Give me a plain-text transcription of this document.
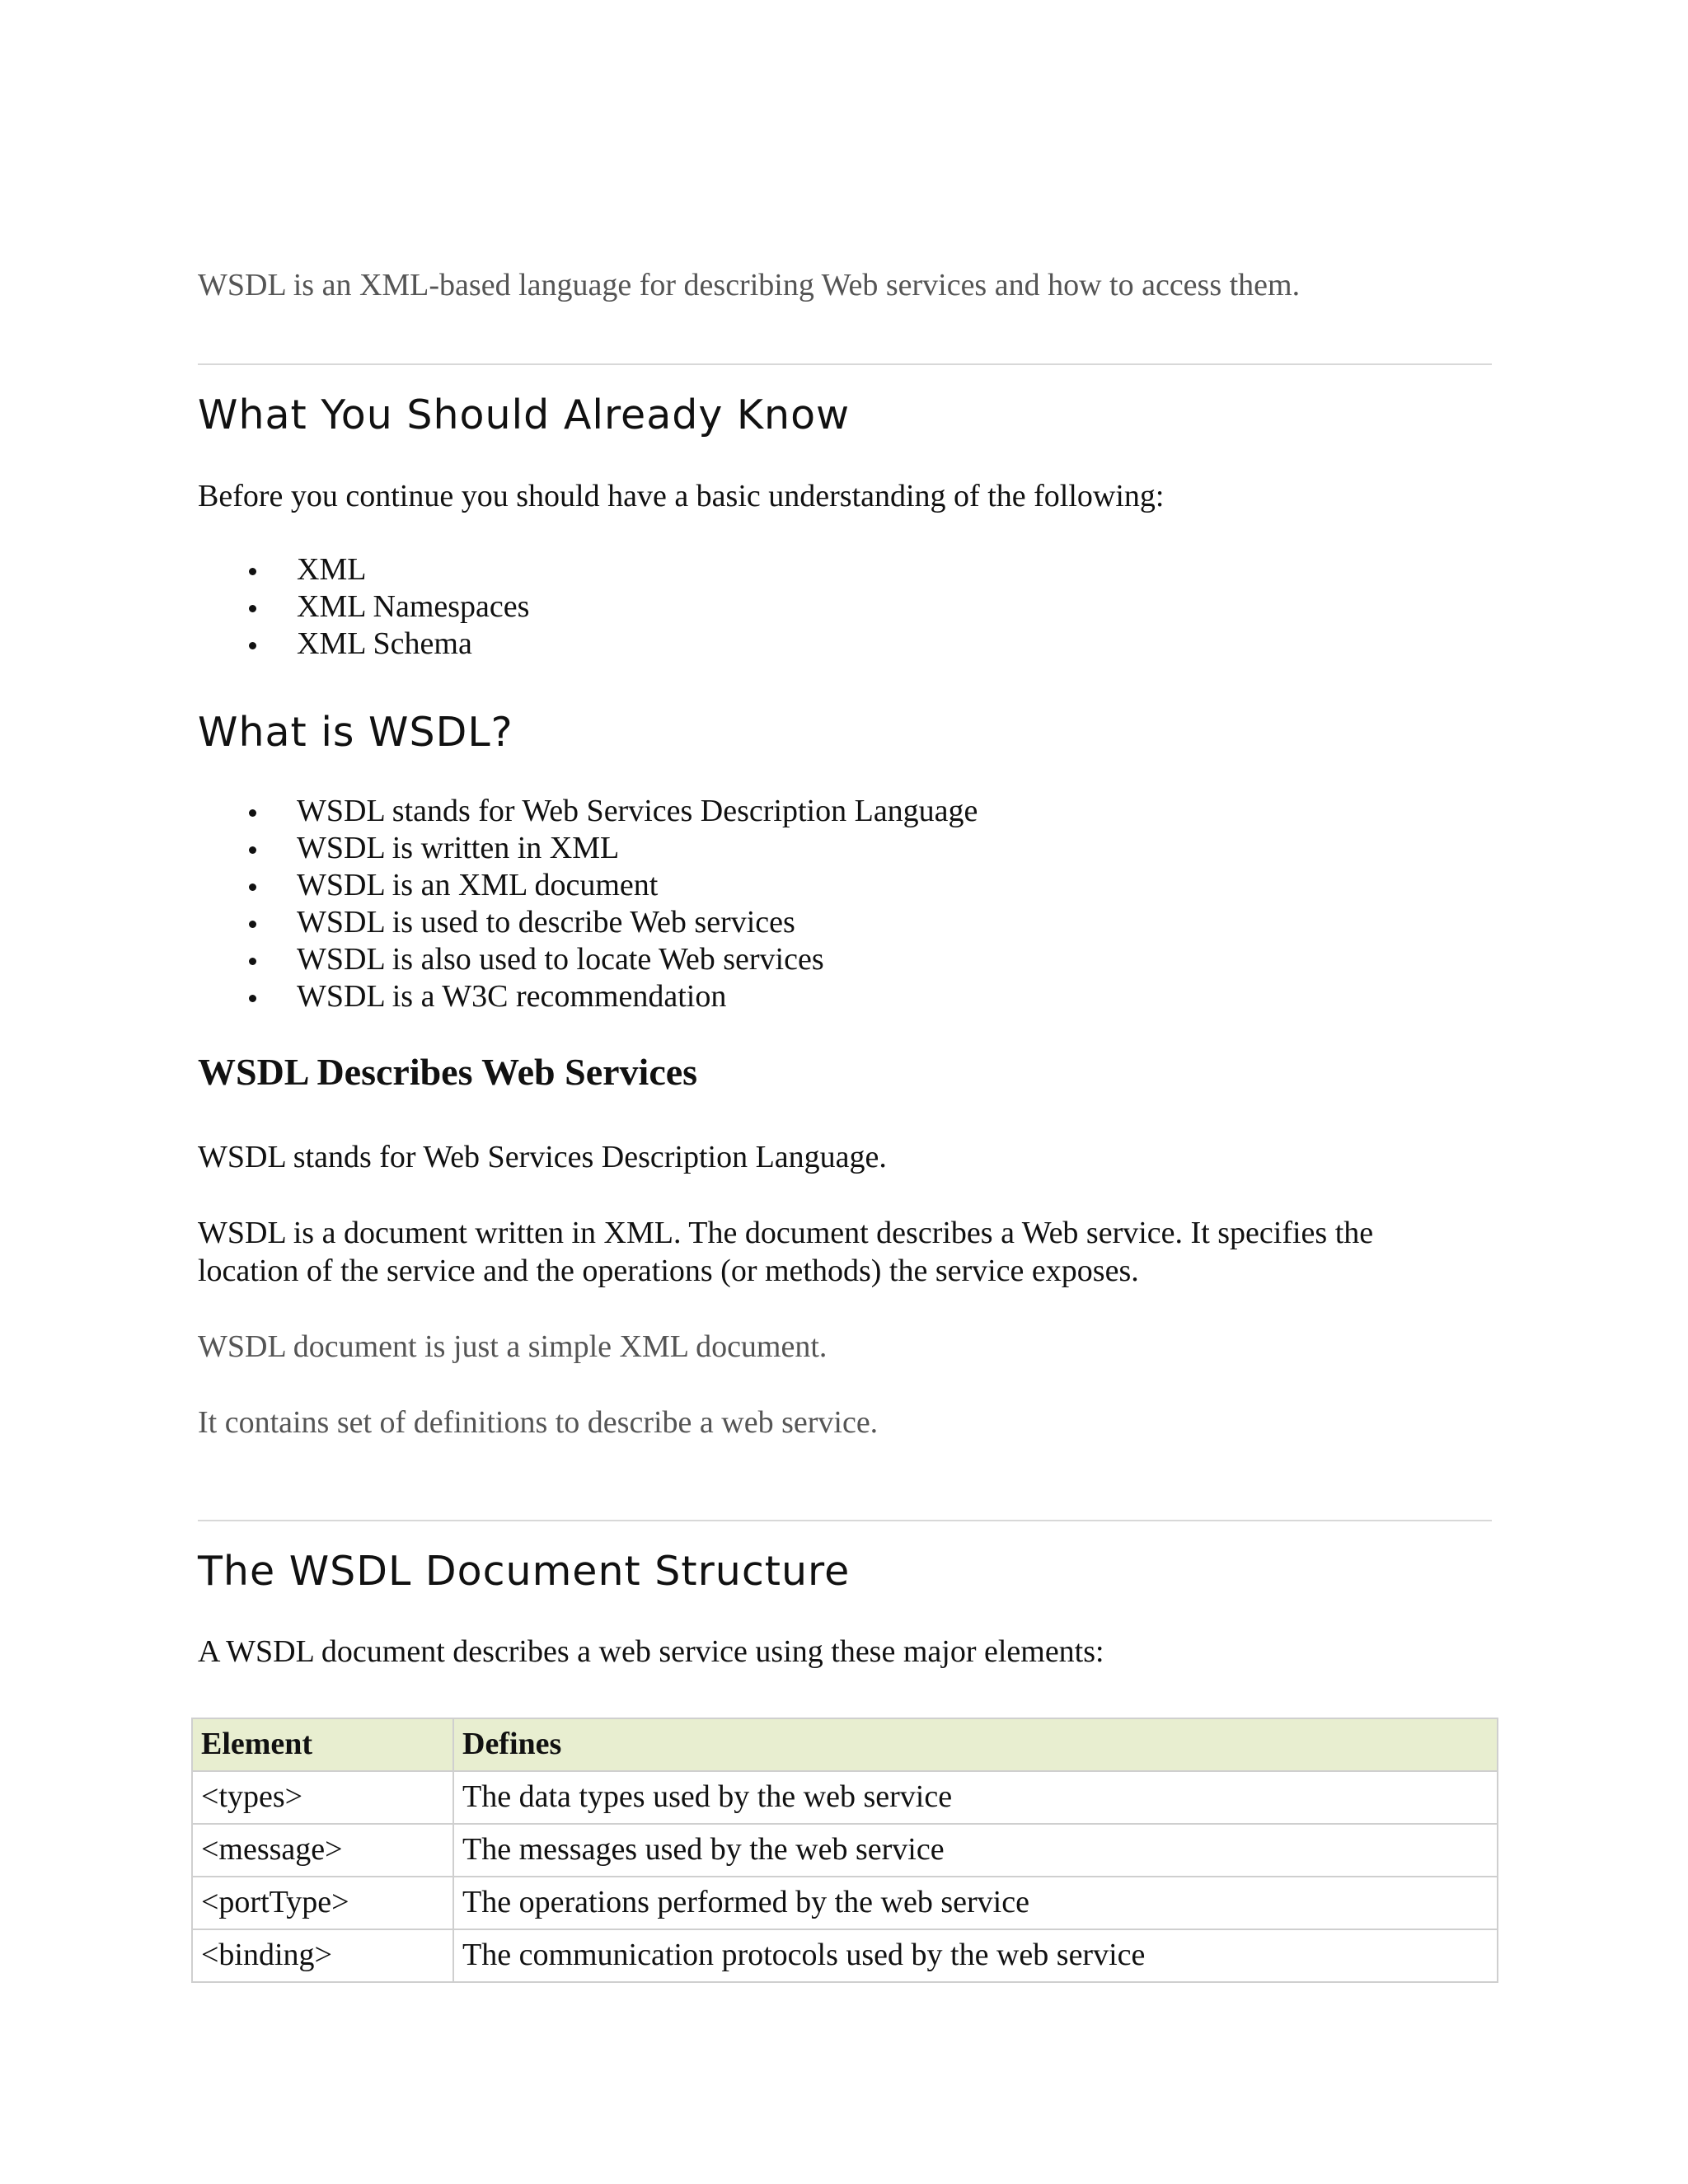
WSDL is an XML-based language for describing Web services and how to access them.

What You Should Already Know

Before you continue you should have a basic understanding of the following:

XML
XML Namespaces
XML Schema
What is WSDL?
WSDL stands for Web Services Description Language
WSDL is written in XML
WSDL is an XML document
WSDL is used to describe Web services
WSDL is also used to locate Web services
WSDL is a W3C recommendation
WSDL Describes Web Services

WSDL stands for Web Services Description Language.

WSDL is a document written in XML. The document describes a Web service. It specifies the

location of the service and the operations (or methods) the service exposes.

WSDL document is just a simple XML document.

It contains set of definitions to describe a web service.

The WSDL Document Structure

A WSDL document describes a web service using these major elements:

Element	Defines
<types>	The data types used by the web service
<message>	The messages used by the web service
<portType>	The operations performed by the web service
<binding>	The communication protocols used by the web service
